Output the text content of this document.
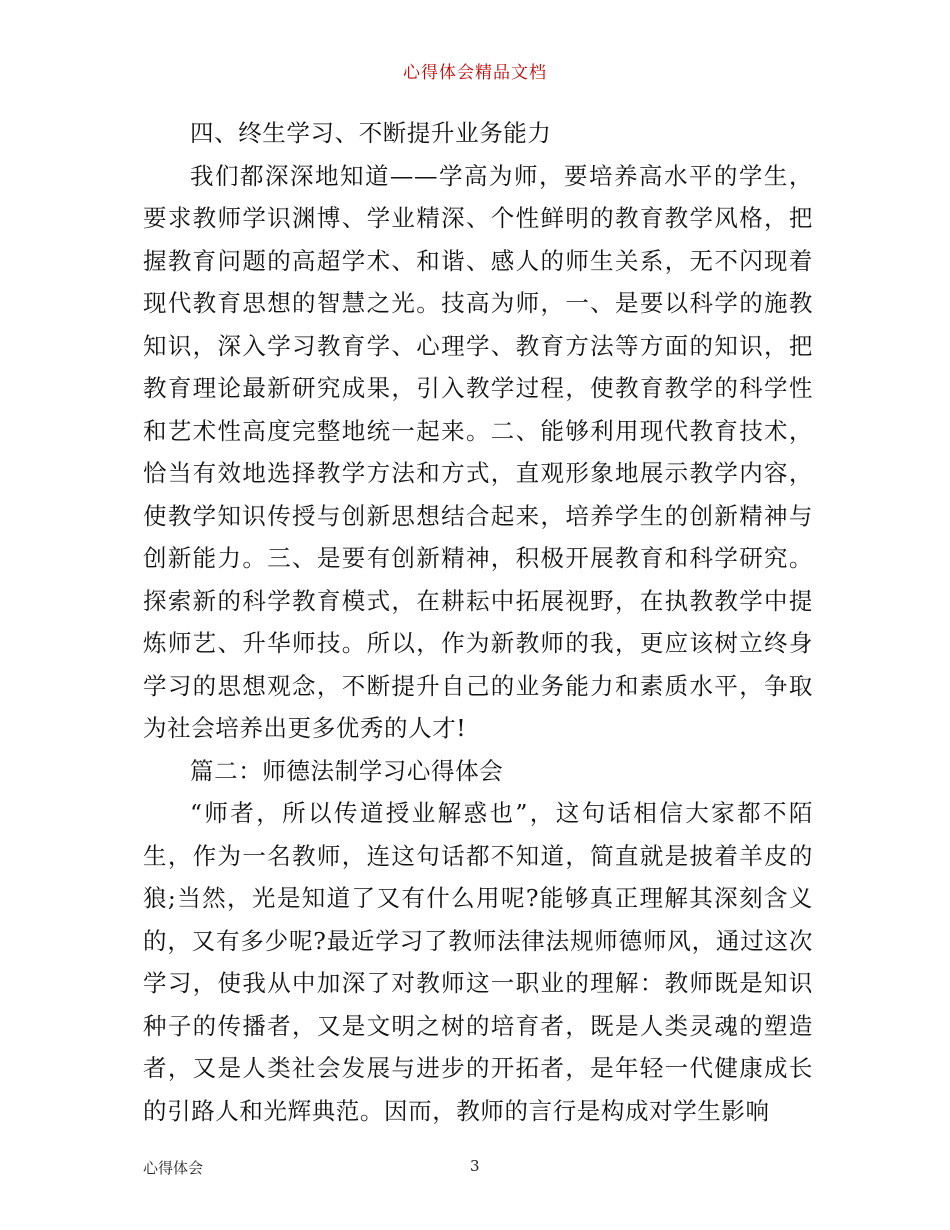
心得体会精品文档

四、终生学习、不断提升业务能力

我们都深深地知道——学高为师，要培养高水平的学生，要求教师学识渊博、学业精深、个性鲜明的教育教学风格，把握教育问题的高超学术、和谐、感人的师生关系，无不闪现着现代教育思想的智慧之光。技高为师，一、是要以科学的施教知识，深入学习教育学、心理学、教育方法等方面的知识，把教育理论最新研究成果，引入教学过程，使教育教学的科学性和艺术性高度完整地统一起来。二、能够利用现代教育技术，恰当有效地选择教学方法和方式，直观形象地展示教学内容，使教学知识传授与创新思想结合起来，培养学生的创新精神与创新能力。三、是要有创新精神，积极开展教育和科学研究。探索新的科学教育模式，在耕耘中拓展视野，在执教教学中提炼师艺、升华师技。所以，作为新教师的我，更应该树立终身学习的思想观念，不断提升自己的业务能力和素质水平，争取为社会培养出更多优秀的人才!

篇二：师德法制学习心得体会

“师者，所以传道授业解惑也”，这句话相信大家都不陌生，作为一名教师，连这句话都不知道，简直就是披着羊皮的狼;当然，光是知道了又有什么用呢?能够真正理解其深刻含义的，又有多少呢?最近学习了教师法律法规师德师风，通过这次学习，使我从中加深了对教师这一职业的理解：教师既是知识种子的传播者，又是文明之树的培育者，既是人类灵魂的塑造者，又是人类社会发展与进步的开拓者，是年轻一代健康成长的引路人和光辉典范。因而，教师的言行是构成对学生影响

心得体会	3
